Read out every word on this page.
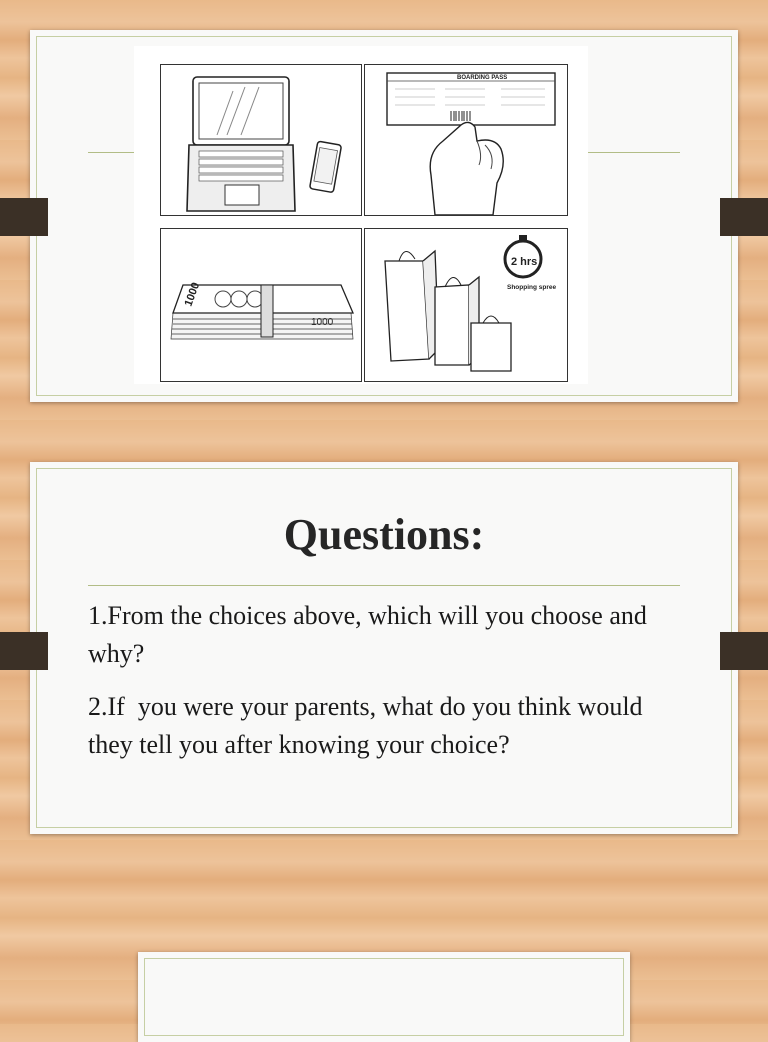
BOARDING PASS
1000
1000
2 hrs
Shopping spree
Questions:
1.From the choices above, which will you choose and why?
2.If  you were your parents, what do you think would they tell you after knowing your choice?
